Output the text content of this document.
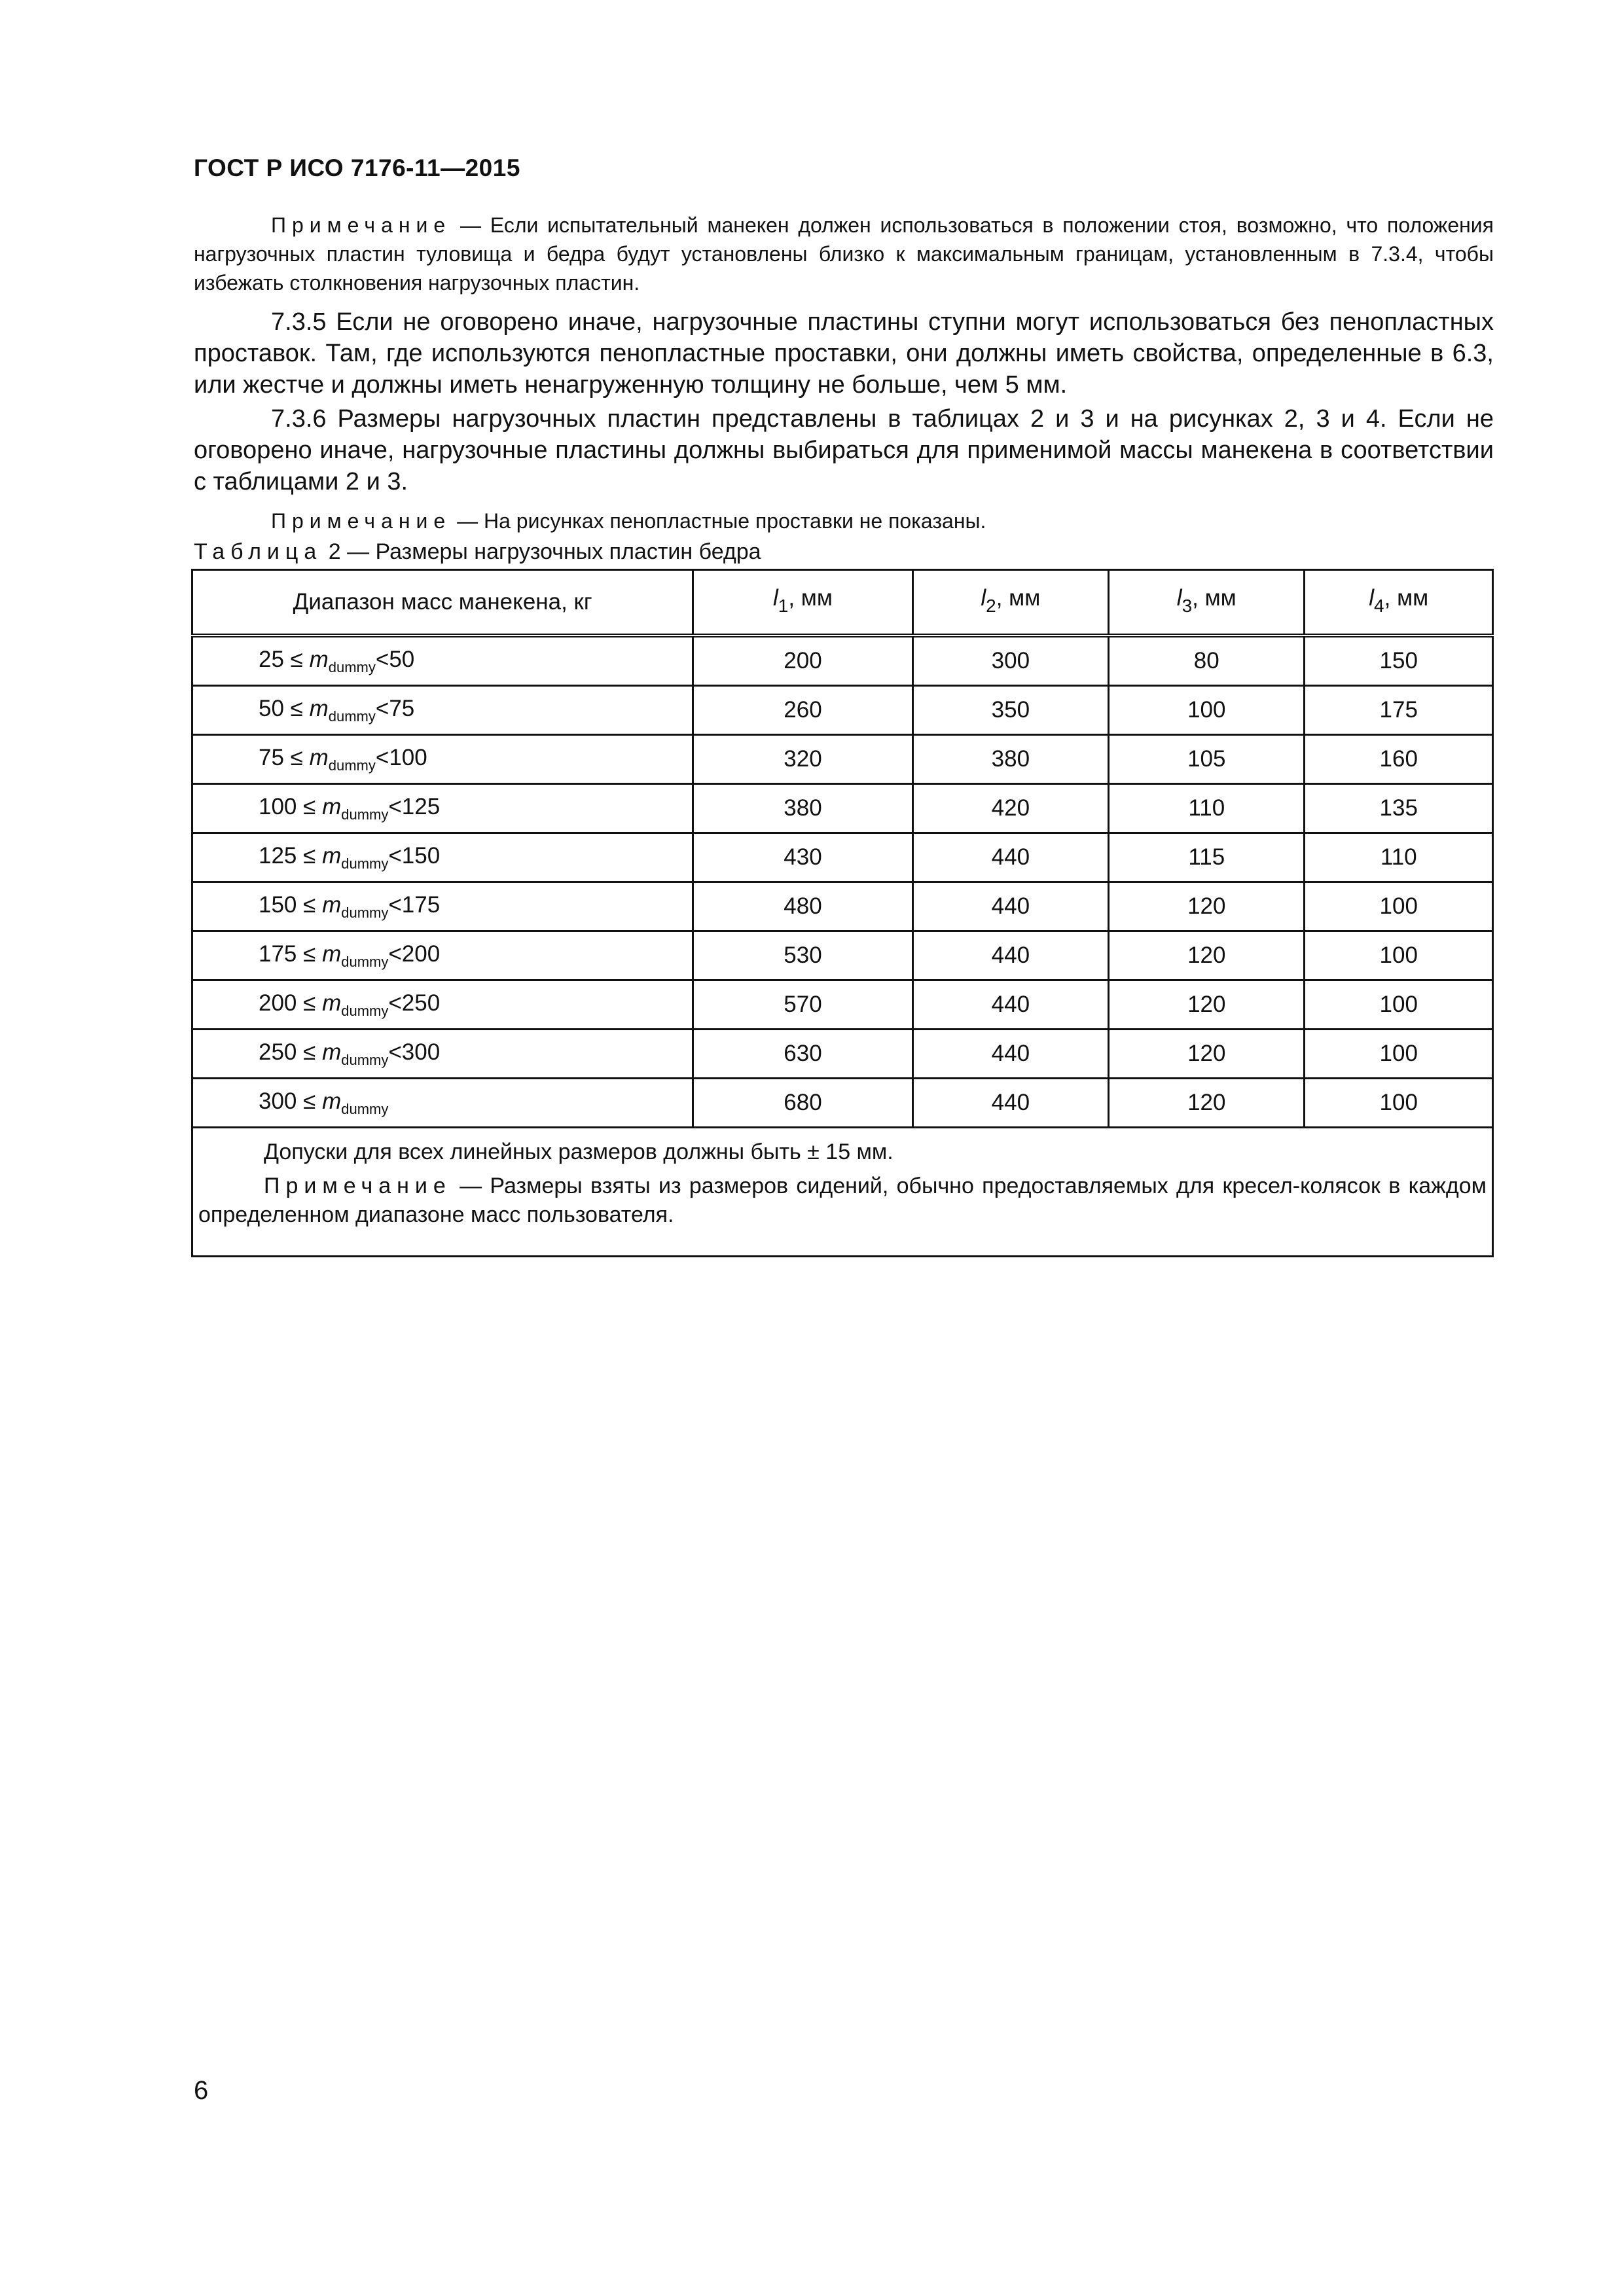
ГОСТ Р ИСО 7176-11—2015
Примечание — Если испытательный манекен должен использоваться в положении стоя, возможно, что положения нагрузочных пластин туловища и бедра будут установлены близко к максимальным границам, установленным в 7.3.4, чтобы избежать столкновения нагрузочных пластин.
7.3.5 Если не оговорено иначе, нагрузочные пластины ступни могут использоваться без пенопластных проставок. Там, где используются пенопластные проставки, они должны иметь свойства, определенные в 6.3, или жестче и должны иметь ненагруженную толщину не больше, чем 5 мм.
7.3.6 Размеры нагрузочных пластин представлены в таблицах 2 и 3 и на рисунках 2, 3 и 4. Если не оговорено иначе, нагрузочные пластины должны выбираться для применимой массы манекена в соответствии с таблицами 2 и 3.
Примечание — На рисунках пенопластные проставки не показаны.
Таблица 2 — Размеры нагрузочных пластин бедра
Диапазон масс манекена, кг	$l_1$, мм	$l_2$, мм	$l_3$, мм	$l_4$, мм
$25 \le m_{dummy}<50$	200	300	80	150
$50 \le m_{dummy}<75$	260	350	100	175
$75 \le m_{dummy}<100$	320	380	105	160
$100 \le m_{dummy}<125$	380	420	110	135
$125 \le m_{dummy}<150$	430	440	115	110
$150 \le m_{dummy}<175$	480	440	120	100
$175 \le m_{dummy}<200$	530	440	120	100
$200 \le m_{dummy}<250$	570	440	120	100
$250 \le m_{dummy}<300$	630	440	120	100
$300 \le m_{dummy}$	680	440	120	100

Допуски для всех линейных размеров должны быть ± 15 мм.
Примечание — Размеры взяты из размеров сидений, обычно предоставляемых для кресел-колясок в каждом определенном диапазоне масс пользователя.				
6
